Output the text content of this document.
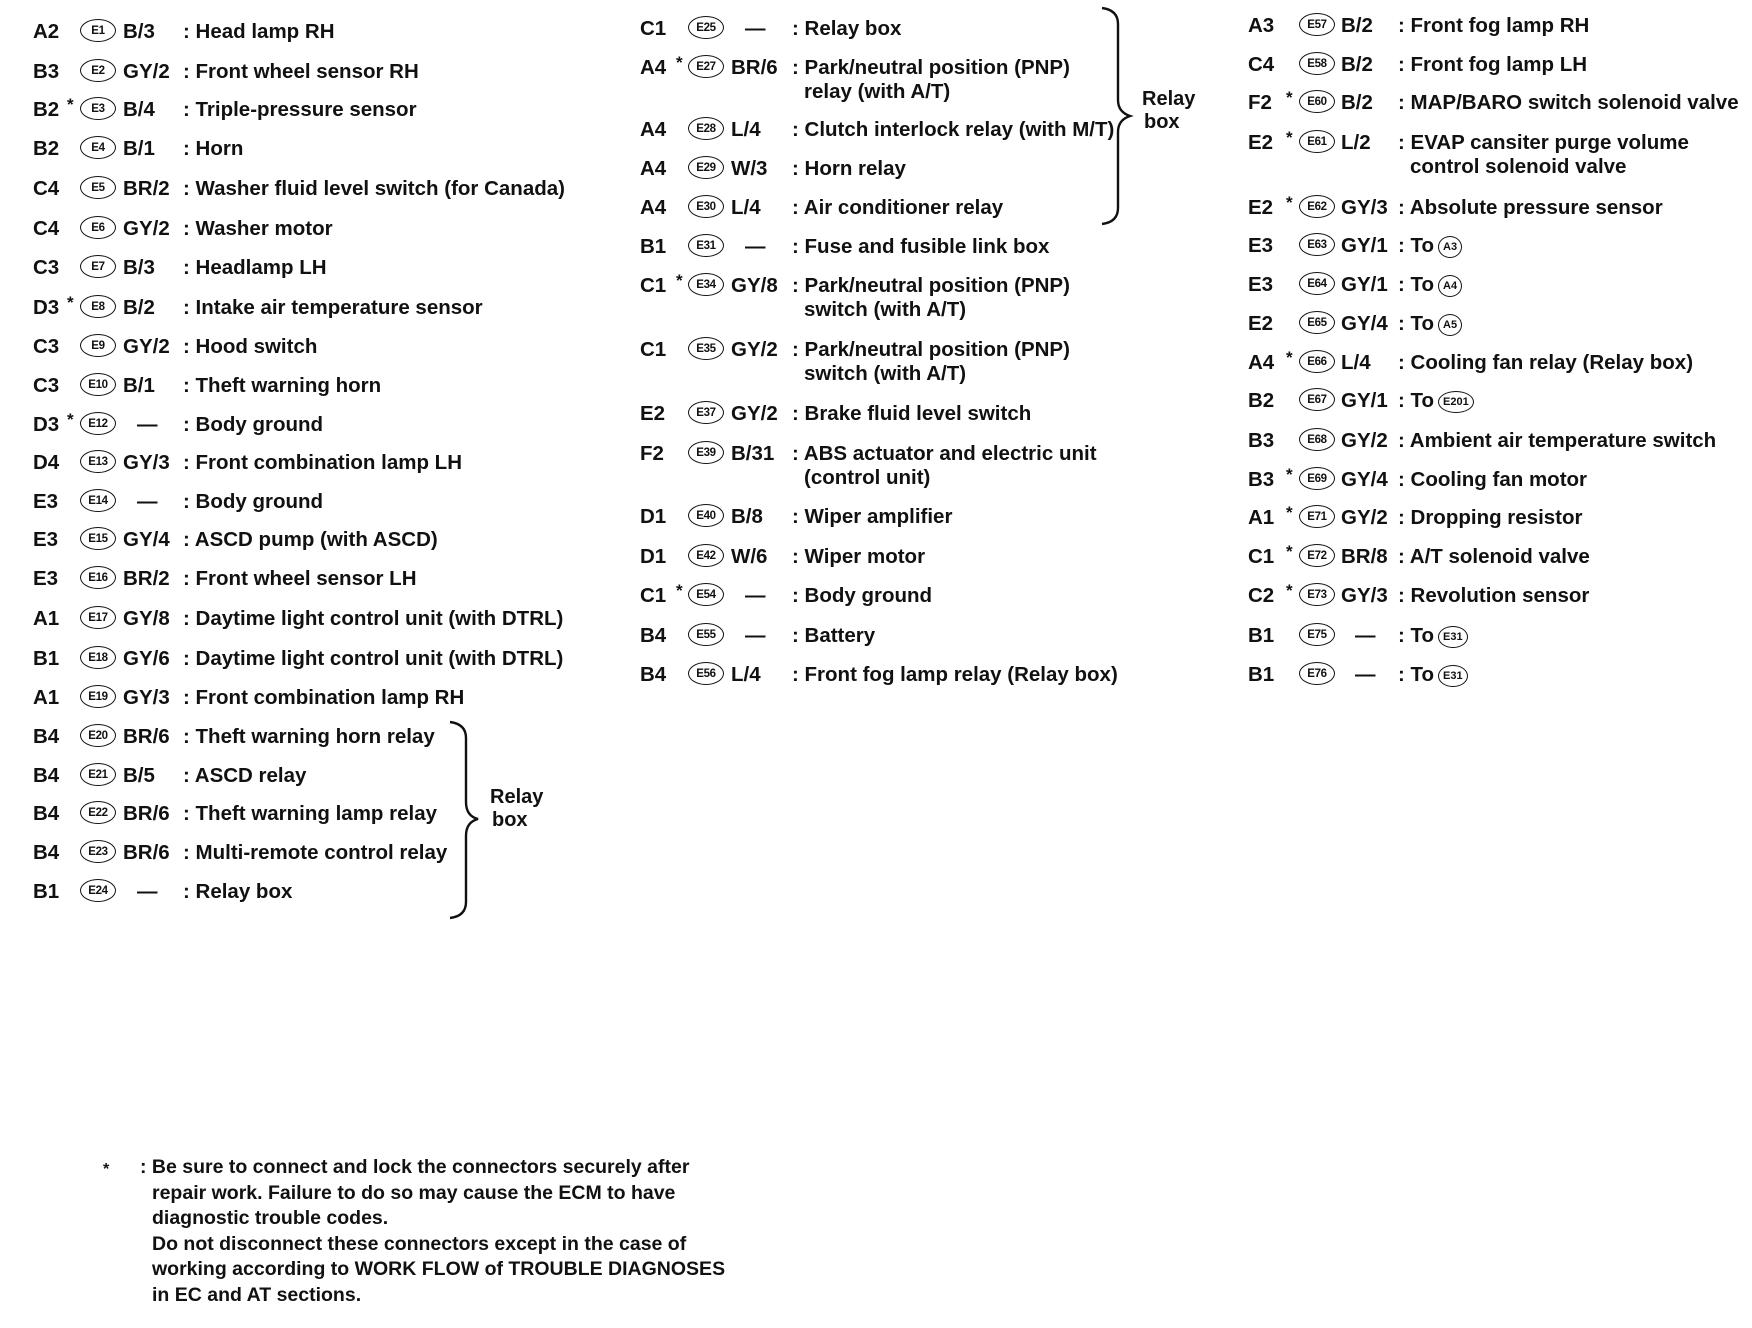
A2	E1 B/3 : Head lamp RH
B3	E2 GY/2 : Front wheel sensor RH
B2 *	E3 B/4 : Triple-pressure sensor
B2	E4 B/1 : Horn
C4	E5 BR/2 : Washer fluid level switch (for Canada)
C4	E6 GY/2 : Washer motor
C3	E7 B/3 : Headlamp LH
D3 *	E8 B/2 : Intake air temperature sensor
C3	E9 GY/2 : Hood switch
C3	E10 B/1 : Theft warning horn
D3 *	E12	— : Body ground
D4	E13 GY/3 : Front combination lamp LH
E3	E14	— : Body ground
E3	E15 GY/4 : ASCD pump (with ASCD)
E3	E16 BR/2 : Front wheel sensor LH
A1	E17 GY/8 : Daytime light control unit (with DTRL)
B1	E18 GY/6 : Daytime light control unit (with DTRL)
A1	E19 GY/3 : Front combination lamp RH
B4	E20 BR/6 : Theft warning horn relay
B4	E21 B/5 : ASCD relay
B4	E22 BR/6 : Theft warning lamp relay
B4	E23 BR/6 : Multi-remote control relay
B1	E24	— : Relay box
C1	E25	— : Relay box
A4 *	E27 BR/6 : Park/neutral position (PNP)
relay (with A/T)
A4	E28 L/4 : Clutch interlock relay (with M/T)
A4	E29 W/3 : Horn relay
A4	E30 L/4 : Air conditioner relay
B1	E31	— : Fuse and fusible link box
C1 *	E34 GY/8 : Park/neutral position (PNP)
switch (with A/T)
C1	E35 GY/2 : Park/neutral position (PNP)
switch (with A/T)
E2	E37 GY/2 : Brake fluid level switch
F2	E39 B/31 : ABS actuator and electric unit
(control unit)
D1	E40 B/8 : Wiper amplifier
D1	E42 W/6 : Wiper motor
C1 *	E54	— : Body ground
B4	E55	— : Battery
B4	E56 L/4 : Front fog lamp relay (Relay box)
A3	E57 B/2 : Front fog lamp RH
C4	E58 B/2 : Front fog lamp LH
F2 *	E60 B/2 : MAP/BARO switch solenoid valve
E2 *	E61 L/2 : EVAP cansiter purge volume
control solenoid valve
E2 *	E62 GY/3 : Absolute pressure sensor
E3	E63 GY/1 : To A3
E3	E64 GY/1 : To A4
E2	E65 GY/4 : To A5
A4 *	E66 L/4 : Cooling fan relay (Relay box)
B2	E67 GY/1 : To E201
B3	E68 GY/2 : Ambient air temperature switch
B3 *	E69 GY/4 : Cooling fan motor
A1 *	E71 GY/2 : Dropping resistor
C1 *	E72 BR/8 : A/T solenoid valve
C2 *	E73 GY/3 : Revolution sensor
B1	E75	— : To E31
B1	E76	— : To E31
Relay
box
Relay
box
* : Be sure to connect and lock the connectors securely after
repair work. Failure to do so may cause the ECM to have
diagnostic trouble codes.
Do not disconnect these connectors except in the case of
working according to WORK FLOW of TROUBLE DIAGNOSES
in EC and AT sections.
